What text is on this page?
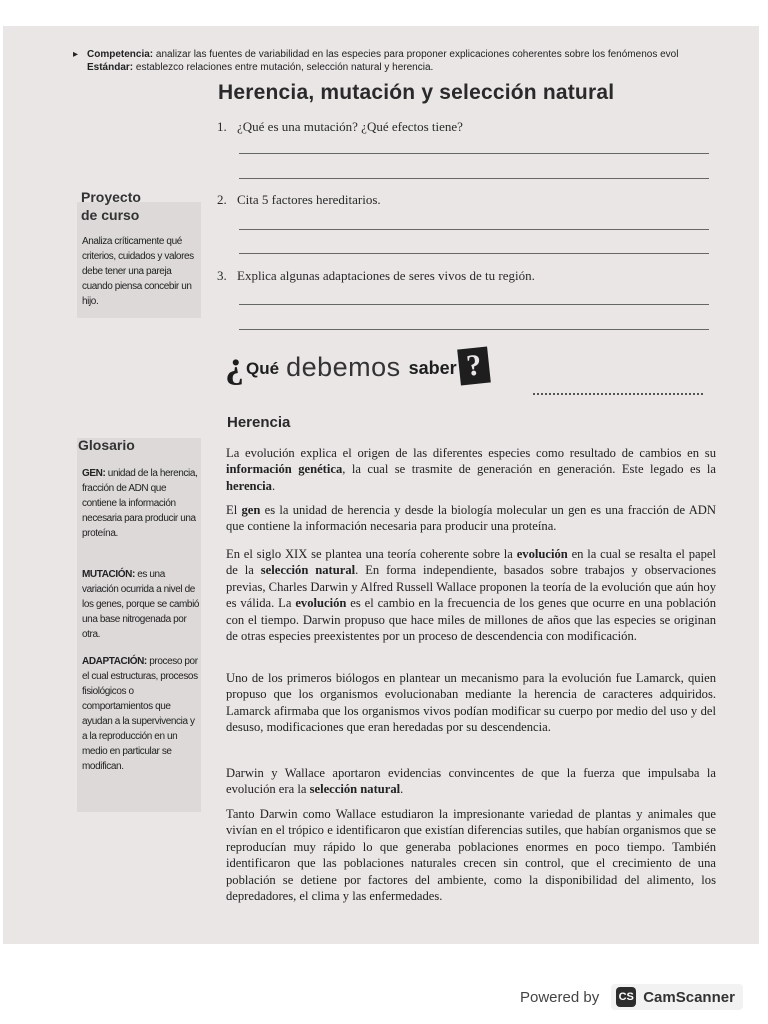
▸ Competencia: analizar las fuentes de variabilidad en las especies para proponer explicaciones coherentes sobre los fenómenos evol
Estándar: establezco relaciones entre mutación, selección natural y herencia.
Herencia, mutación y selección natural
1. ¿Qué es una mutación? ¿Qué efectos tiene?
2. Cita 5 factores hereditarios.
3. Explica algunas adaptaciones de seres vivos de tu región.
Proyecto
de curso
Analiza críticamente qué criterios, cuidados y valores debe tener una pareja cuando piensa concebir un hijo.
¿ Qué debemos saber ?
Herencia
La evolución explica el origen de las diferentes especies como resultado de cambios en su información genética, la cual se trasmite de generación en generación. Este legado es la herencia.
El gen es la unidad de herencia y desde la biología molecular un gen es una fracción de ADN que contiene la información necesaria para producir una proteína.
En el siglo XIX se plantea una teoría coherente sobre la evolución en la cual se resalta el papel de la selección natural. En forma independiente, basados sobre trabajos y observaciones previas, Charles Darwin y Alfred Russell Wallace proponen la teoría de la evolución que aún hoy es válida. La evolución es el cambio en la frecuencia de los genes que ocurre en una población con el tiempo. Darwin propuso que hace miles de millones de años que las especies se originan de otras especies preexistentes por un proceso de descendencia con modificación.
Uno de los primeros biólogos en plantear un mecanismo para la evolución fue Lamarck, quien propuso que los organismos evolucionaban mediante la herencia de caracteres adquiridos. Lamarck afirmaba que los organismos vivos podían modificar su cuerpo por medio del uso y del desuso, modificaciones que eran heredadas por su descendencia.
Darwin y Wallace aportaron evidencias convincentes de que la fuerza que impulsaba la evolución era la selección natural.
Tanto Darwin como Wallace estudiaron la impresionante variedad de plantas y animales que vivían en el trópico e identificaron que existían diferencias sutiles, que habían organismos que se reproducían muy rápido lo que generaba poblaciones enormes en poco tiempo. También identificaron que las poblaciones naturales crecen sin control, que el crecimiento de una población se detiene por factores del ambiente, como la disponibilidad del alimento, los depredadores, el clima y las enfermedades.
Glosario
GEN: unidad de la herencia, fracción de ADN que contiene la información necesaria para producir una proteína.
MUTACIÓN: es una variación ocurrida a nivel de los genes, porque se cambió una base nitrogenada por otra.
ADAPTACIÓN: proceso por el cual estructuras, procesos fisiológicos o comportamientos que ayudan a la supervivencia y a la reproducción en un medio en particular se modifican.
Powered by CS CamScanner
